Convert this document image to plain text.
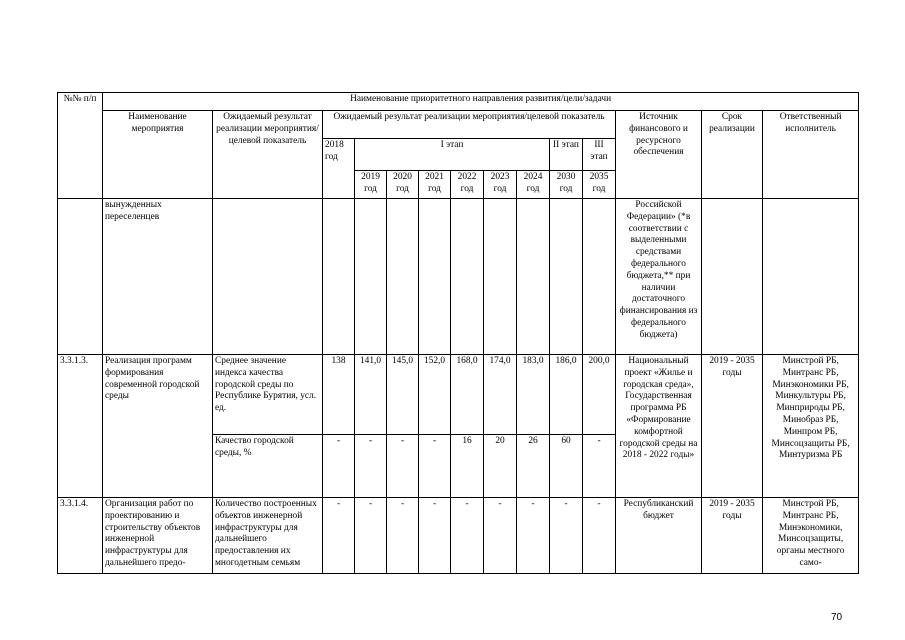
№№ п/п	Наименование приоритетного направления развития/цели/задачи													
	Наименование мероприятия	Ожидаемый результат реализации мероприятия/целевой показатель	Ожидаемый результат реализации мероприятия/целевой показатель									Источник финансового и ресурсного обеспечения	Срок реализации	Ответственный исполнитель
			2018 год	I этап						II этап	III этап			
				2019 год	2020 год	2021 год	2022 год	2023 год	2024 год	2030 год	2035 год			
	вынужденных переселенцев											Российской Федерации» (*в соответствии с выделенными средствами федерального бюджета,** при наличии достаточного финансирования из федерального бюджета)		
3.3.1.3.	Реализация программ формирования современной городской среды	Среднее значение индекса качества городской среды по Республике Бурятия, усл. ед.	138	141,0	145,0	152,0	168,0	174,0	183,0	186,0	200,0	Национальный проект «Жилье и городская среда», Государственная программа РБ «Формирование комфортной городской среды на 2018 - 2022 годы»	2019 - 2035 годы	Минстрой РБ, Минтранс РБ, Минэкономики РБ, Минкультуры РБ, Минприроды РБ, Минобраз РБ, Минпром РБ, Минсоцзащиты РБ, Минтуризма РБ
		Качество городской среды, %	-	-	-	-	16	20	26	60	-			
3.3.1.4.	Организация работ по проектированию и строительству объектов инженерной инфраструктуры для дальнейшего предо-	Количество построенных объектов инженерной инфраструктуры для дальнейшего предоставления их многодетным семьям	-	-	-	-	-	-	-	-	-	Республиканский бюджет	2019 - 2035 годы	Минстрой РБ, Минтранс РБ, Минэкономики, Минсоцзащиты, органы местного само-
70
